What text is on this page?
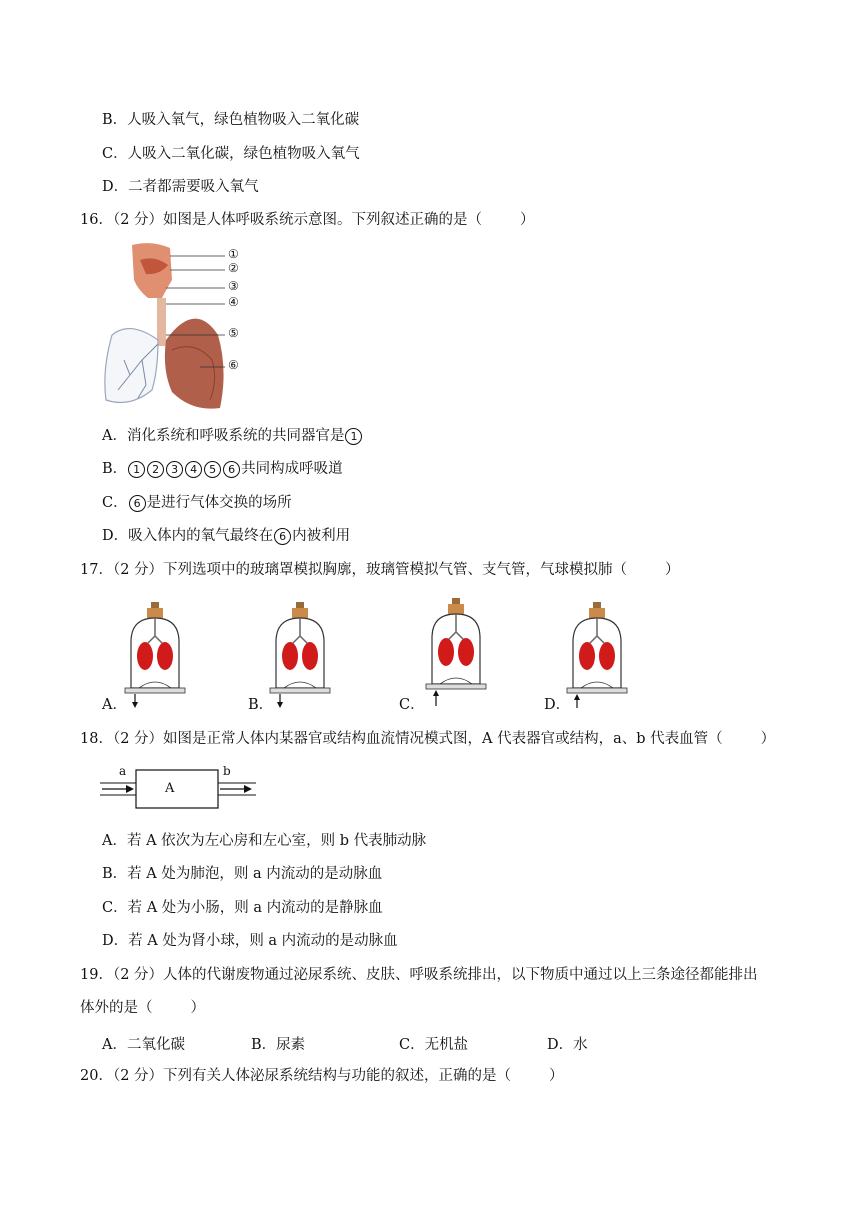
B．人吸入氧气，绿色植物吸入二氧化碳
C．人吸入二氧化碳，绿色植物吸入氧气
D．二者都需要吸入氧气
16．（2 分）如图是人体呼吸系统示意图。下列叙述正确的是（	）
①
②
③
④
⑤
⑥
A．消化系统和呼吸系统的共同器官是 1
B． 1 2 3 4 5 6 共同构成呼吸道
C． 6 是进行气体交换的场所
D．吸入体内的氧气最终在 6 内被利用
17．（2 分）下列选项中的玻璃罩模拟胸廓，玻璃管模拟气管、支气管，气球模拟肺（	）
A．	B．	C．	D．
18．（2 分）如图是正常人体内某器官或结构血流情况模式图，A 代表器官或结构，a、b 代表血管（	）
a	b
A
A．若 A 依次为左心房和左心室，则 b 代表肺动脉
B．若 A 处为肺泡，则 a 内流动的是动脉血
C．若 A 处为小肠，则 a 内流动的是静脉血
D．若 A 处为肾小球，则 a 内流动的是动脉血
19．（2 分）人体的代谢废物通过泌尿系统、皮肤、呼吸系统排出，以下物质中通过以上三条途径都能排出
体外的是（	）
A．二氧化碳	B．尿素	C．无机盐	D．水
20．（2 分）下列有关人体泌尿系统结构与功能的叙述，正确的是（	）
